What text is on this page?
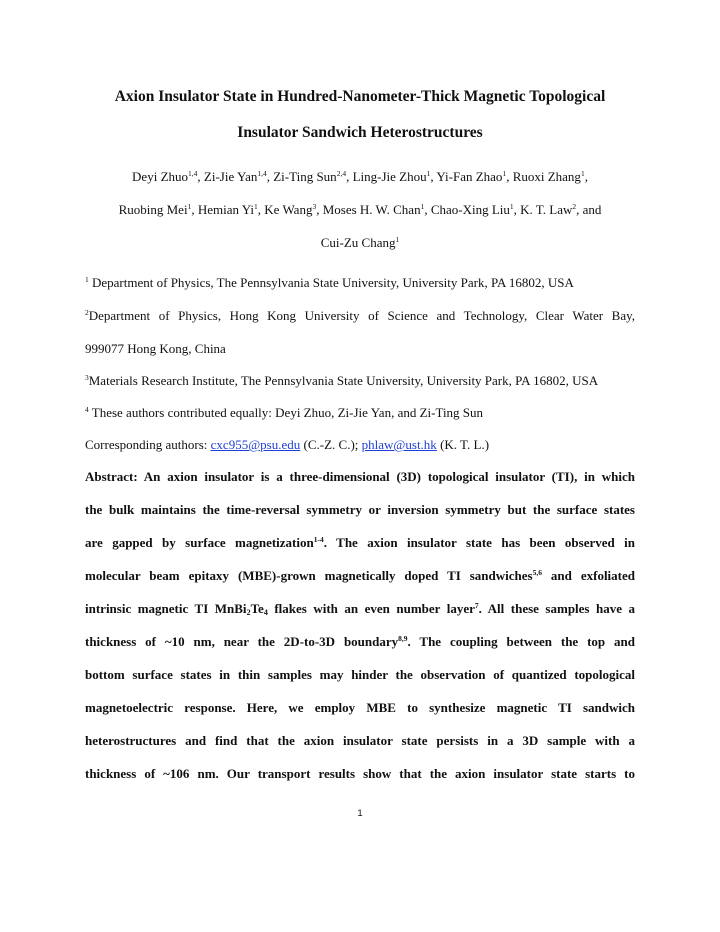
Axion Insulator State in Hundred-Nanometer-Thick Magnetic Topological
Insulator Sandwich Heterostructures
Deyi Zhuo$^{1,4}$, Zi-Jie Yan$^{1,4}$, Zi-Ting Sun$^{2,4}$, Ling-Jie Zhou$^1$, Yi-Fan Zhao$^1$, Ruoxi Zhang$^1$,
Ruobing Mei$^1$, Hemian Yi$^1$, Ke Wang$^3$, Moses H. W. Chan$^1$, Chao-Xing Liu$^1$, K. T. Law$^2$, and
Cui-Zu Chang$^1$
$^1$ Department of Physics, The Pennsylvania State University, University Park, PA 16802, USA
$^2$Department of Physics, Hong Kong University of Science and Technology, Clear Water Bay,
999077 Hong Kong, China
$^3$Materials Research Institute, The Pennsylvania State University, University Park, PA 16802, USA
$^4$ These authors contributed equally: Deyi Zhuo, Zi-Jie Yan, and Zi-Ting Sun
Corresponding authors: cxc955@psu.edu (C.-Z. C.); phlaw@ust.hk (K. T. L.)
Abstract: An axion insulator is a three-dimensional (3D) topological insulator (TI), in which
the bulk maintains the time-reversal symmetry or inversion symmetry but the surface states
are gapped by surface magnetization$^{1-4}$. The axion insulator state has been observed in
molecular beam epitaxy (MBE)-grown magnetically doped TI sandwiches$^{5,6}$ and exfoliated
intrinsic magnetic TI $MnBi_2Te_4$ flakes with an even number layer$^7$. All these samples have a
thickness of ~10 nm, near the 2D-to-3D boundary$^{8,9}$. The coupling between the top and
bottom surface states in thin samples may hinder the observation of quantized topological
magnetoelectric response. Here, we employ MBE to synthesize magnetic TI sandwich
heterostructures and find that the axion insulator state persists in a 3D sample with a
thickness of ~106 nm. Our transport results show that the axion insulator state starts to
1
